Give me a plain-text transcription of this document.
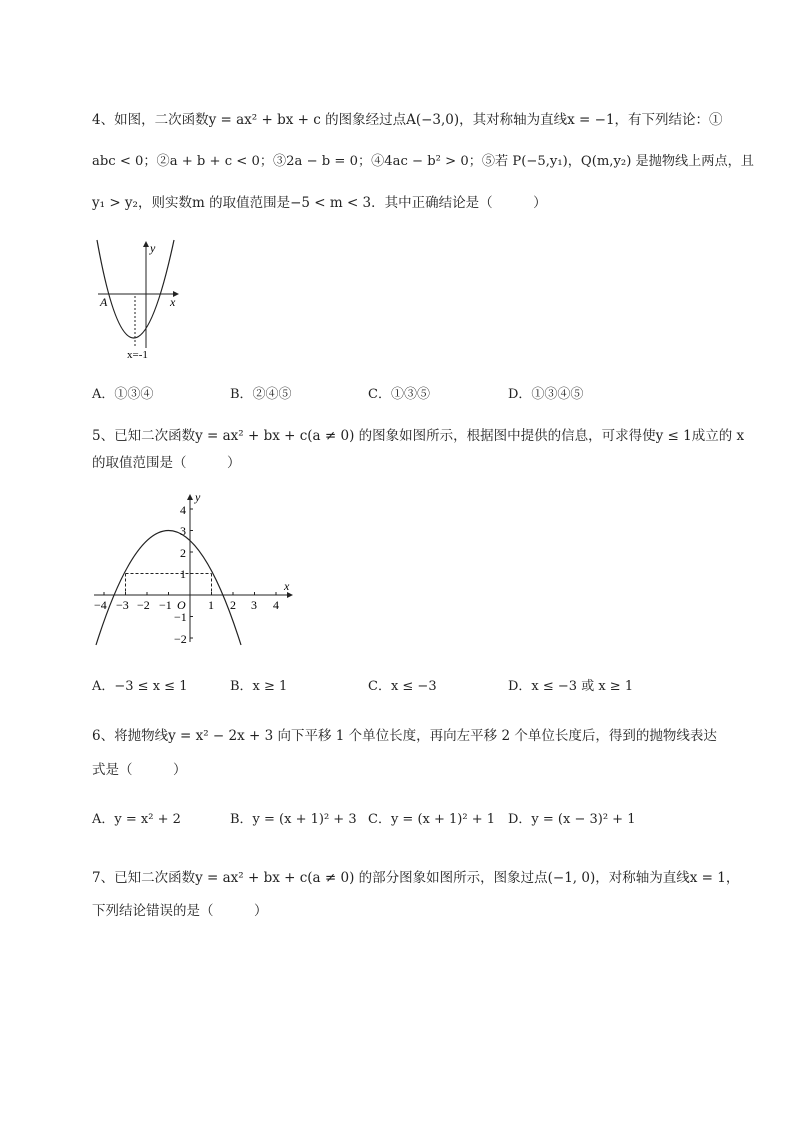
4、如图，二次函数y = ax² + bx + c 的图象经过点A(−3,0)，其对称轴为直线x = −1，有下列结论：①
abc < 0；②a + b + c < 0；③2a − b = 0；④4ac − b² > 0；⑤若 P(−5,y₁)，Q(m,y₂) 是抛物线上两点，且
y₁ > y₂，则实数m 的取值范围是−5 < m < 3．其中正确结论是（　　　）
y
x
A
x=-1
A．①③④	B．②④⑤	C．①③⑤	D．①③④⑤
5、已知二次函数y = ax² + bx + c(a ≠ 0) 的图象如图所示，根据图中提供的信息，可求得使y ≤ 1成立的 x
的取值范围是（　　　）
x
y
O
−4 −3 −2 −1	1 2 3 4
4
3
2
1
−1
−2
A．−3 ≤ x ≤ 1	B．x ≥ 1	C．x ≤ −3	D．x ≤ −3 或 x ≥ 1
6、将抛物线y = x² − 2x + 3 向下平移 1 个单位长度，再向左平移 2 个单位长度后，得到的抛物线表达
式是（　　　）
A．y = x² + 2	B．y = (x + 1)² + 3 C．y = (x + 1)² + 1 D．y = (x − 3)² + 1
7、已知二次函数y = ax² + bx + c(a ≠ 0) 的部分图象如图所示，图象过点(−1, 0)，对称轴为直线x = 1，
下列结论错误的是（　　　）
